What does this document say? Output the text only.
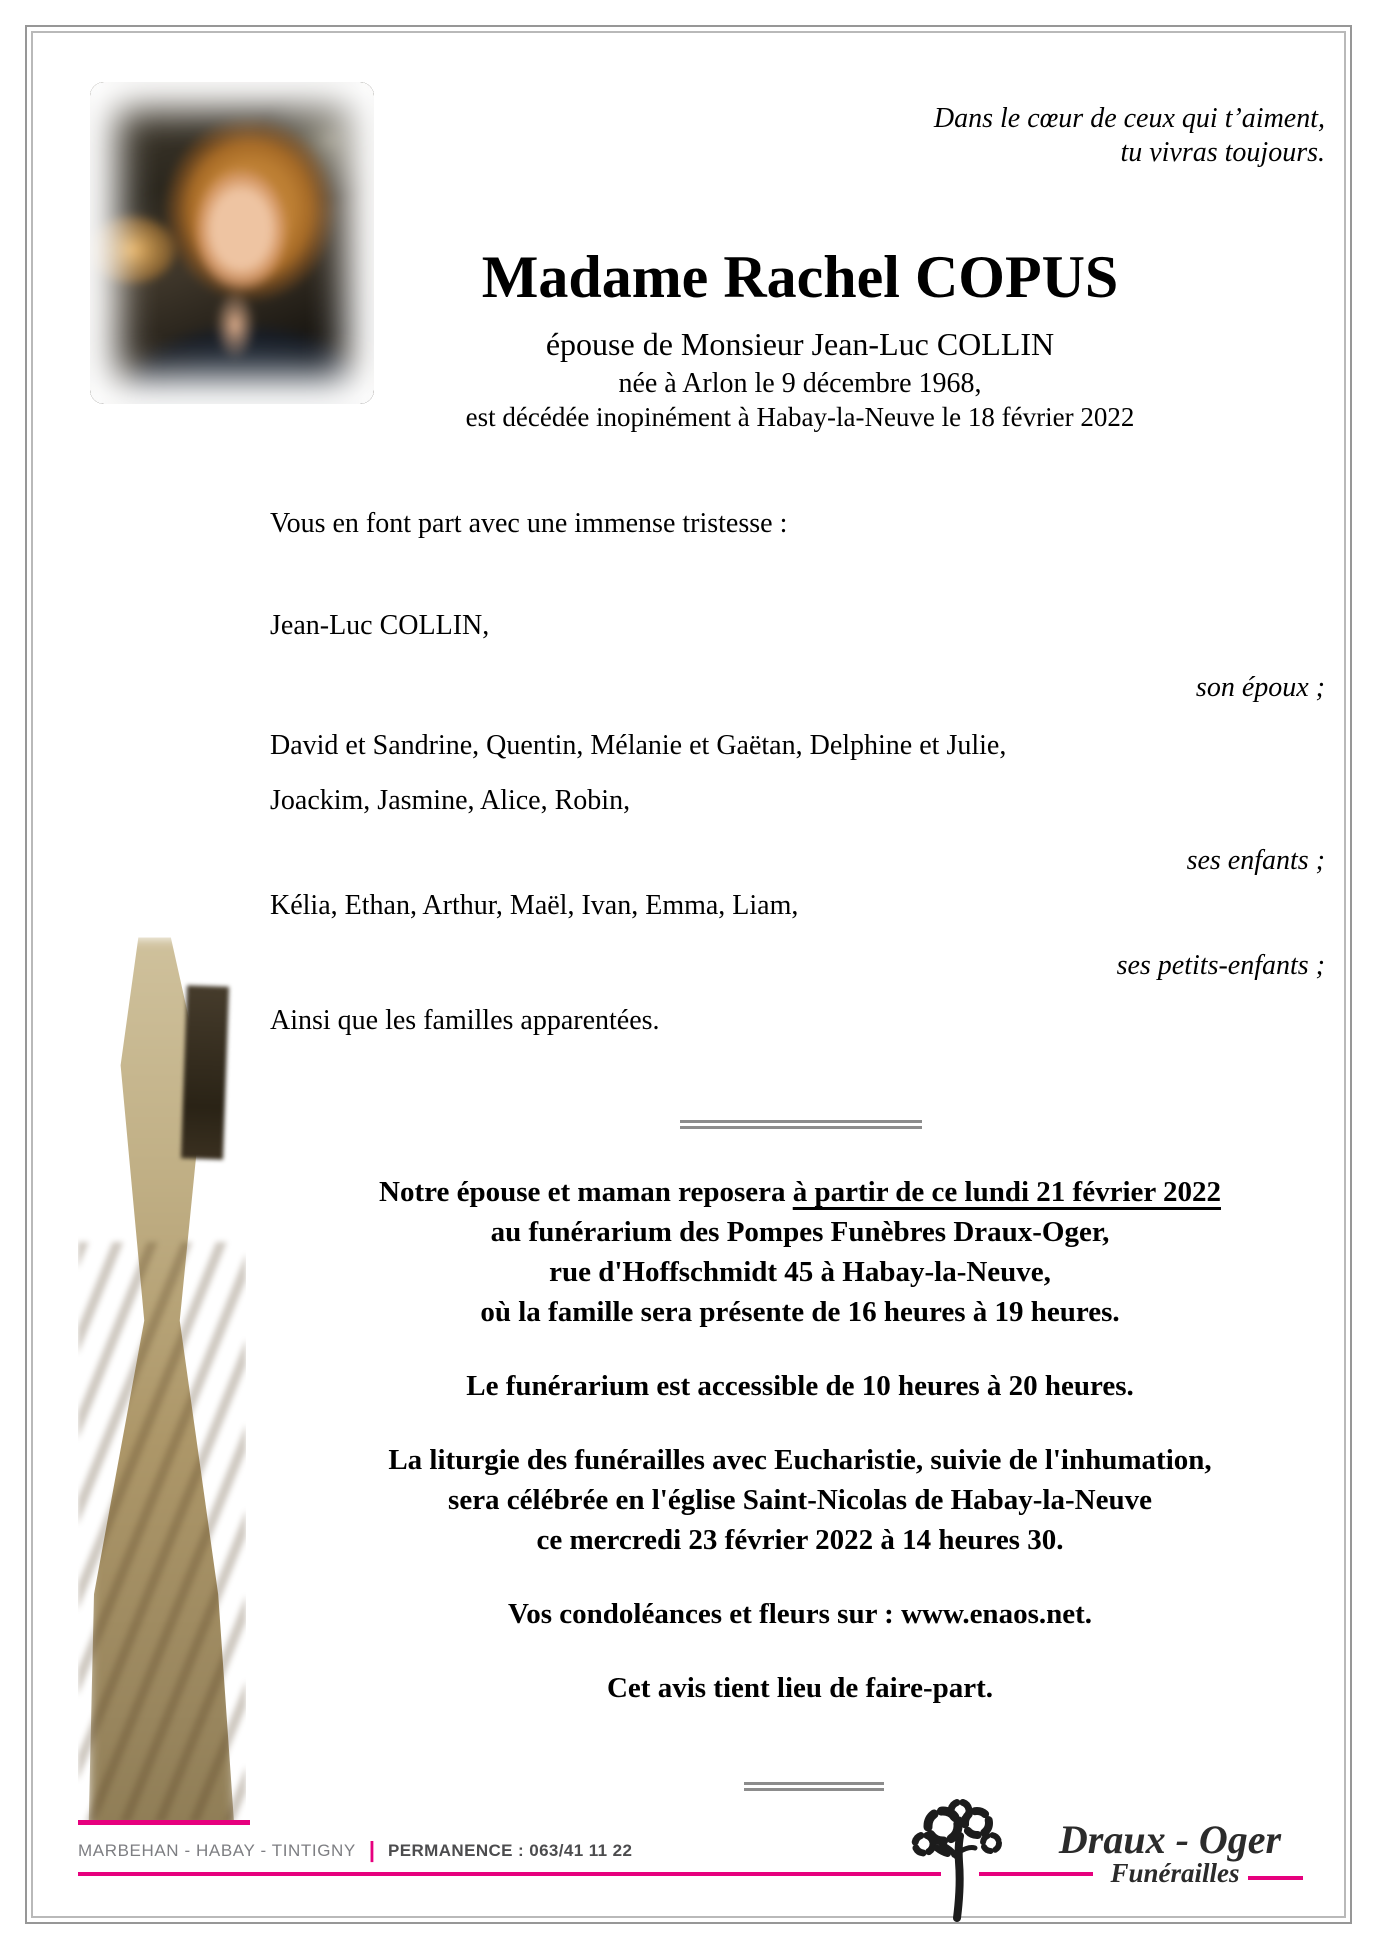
Dans le cœur de ceux qui t’aiment,
tu vivras toujours.
Madame Rachel COPUS
épouse de Monsieur Jean-Luc COLLIN
née à Arlon le 9 décembre 1968,
est décédée inopinément à Habay-la-Neuve le 18 février 2022
Vous en font part avec une immense tristesse :
Jean-Luc COLLIN,
son époux ;
David et Sandrine, Quentin, Mélanie et Gaëtan, Delphine et Julie,
Joackim, Jasmine, Alice, Robin,
ses enfants ;
Kélia, Ethan, Arthur, Maël, Ivan, Emma, Liam,
ses petits-enfants ;
Ainsi que les familles apparentées.

Notre épouse et maman reposera à partir de ce lundi 21 février 2022

au funérarium des Pompes Funèbres Draux-Oger,

rue d'Hoffschmidt 45 à Habay-la-Neuve,

où la famille sera présente de 16 heures à 19 heures.

Le funérarium est accessible de 10 heures à 20 heures.

La liturgie des funérailles avec Eucharistie, suivie de l'inhumation,

sera célébrée en l'église Saint-Nicolas de Habay-la-Neuve

ce mercredi 23 février 2022 à 14 heures 30.

Vos condoléances et fleurs sur : www.enaos.net.

Cet avis tient lieu de faire-part.

MARBEHAN - HABAY - TINTIGNY | PERMANENCE : 063/41 11 22	Draux - Oger
Funérailles
